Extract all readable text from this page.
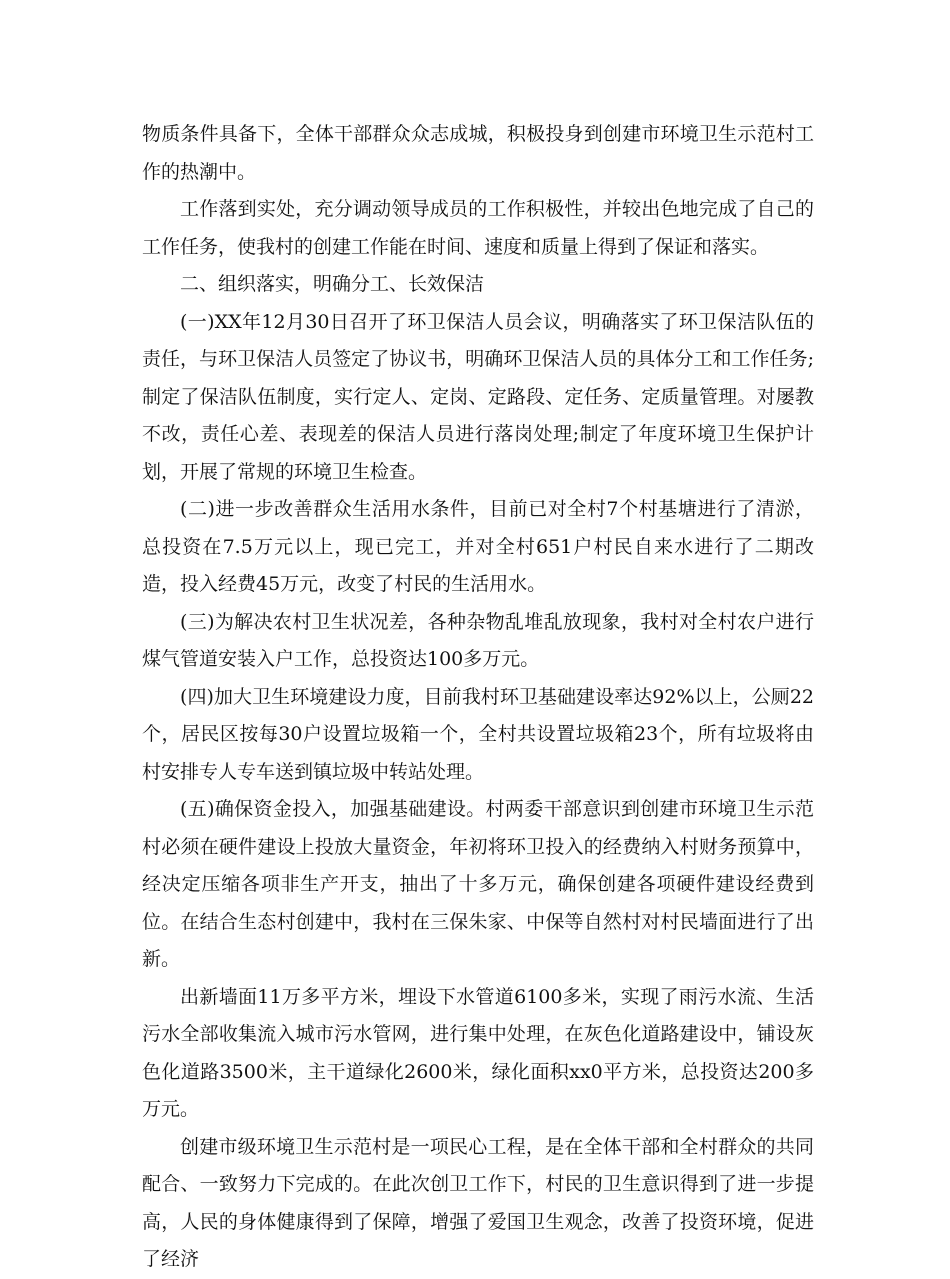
物质条件具备下，全体干部群众众志成城，积极投身到创建市环境卫生示范村工作的热潮中。

工作落到实处，充分调动领导成员的工作积极性，并较出色地完成了自己的工作任务，使我村的创建工作能在时间、速度和质量上得到了保证和落实。

二、组织落实，明确分工、长效保洁

(一)XX年12月30日召开了环卫保洁人员会议，明确落实了环卫保洁队伍的责任，与环卫保洁人员签定了协议书，明确环卫保洁人员的具体分工和工作任务;制定了保洁队伍制度，实行定人、定岗、定路段、定任务、定质量管理。对屡教不改，责任心差、表现差的保洁人员进行落岗处理;制定了年度环境卫生保护计划，开展了常规的环境卫生检查。

(二)进一步改善群众生活用水条件，目前已对全村7个村基塘进行了清淤，总投资在7.5万元以上，现已完工，并对全村651户村民自来水进行了二期改造，投入经费45万元，改变了村民的生活用水。

(三)为解决农村卫生状况差，各种杂物乱堆乱放现象，我村对全村农户进行煤气管道安装入户工作，总投资达100多万元。

(四)加大卫生环境建设力度，目前我村环卫基础建设率达92%以上，公厕22个，居民区按每30户设置垃圾箱一个，全村共设置垃圾箱23个，所有垃圾将由村安排专人专车送到镇垃圾中转站处理。

(五)确保资金投入，加强基础建设。村两委干部意识到创建市环境卫生示范村必须在硬件建设上投放大量资金，年初将环卫投入的经费纳入村财务预算中，经决定压缩各项非生产开支，抽出了十多万元，确保创建各项硬件建设经费到位。在结合生态村创建中，我村在三保朱家、中保等自然村对村民墙面进行了出新。

出新墙面11万多平方米，埋设下水管道6100多米，实现了雨污水流、生活污水全部收集流入城市污水管网，进行集中处理，在灰色化道路建设中，铺设灰色化道路3500米，主干道绿化2600米，绿化面积xx0平方米，总投资达200多万元。

创建市级环境卫生示范村是一项民心工程，是在全体干部和全村群众的共同配合、一致努力下完成的。在此次创卫工作下，村民的卫生意识得到了进一步提高，人民的身体健康得到了保障，增强了爱国卫生观念，改善了投资环境，促进了经济
